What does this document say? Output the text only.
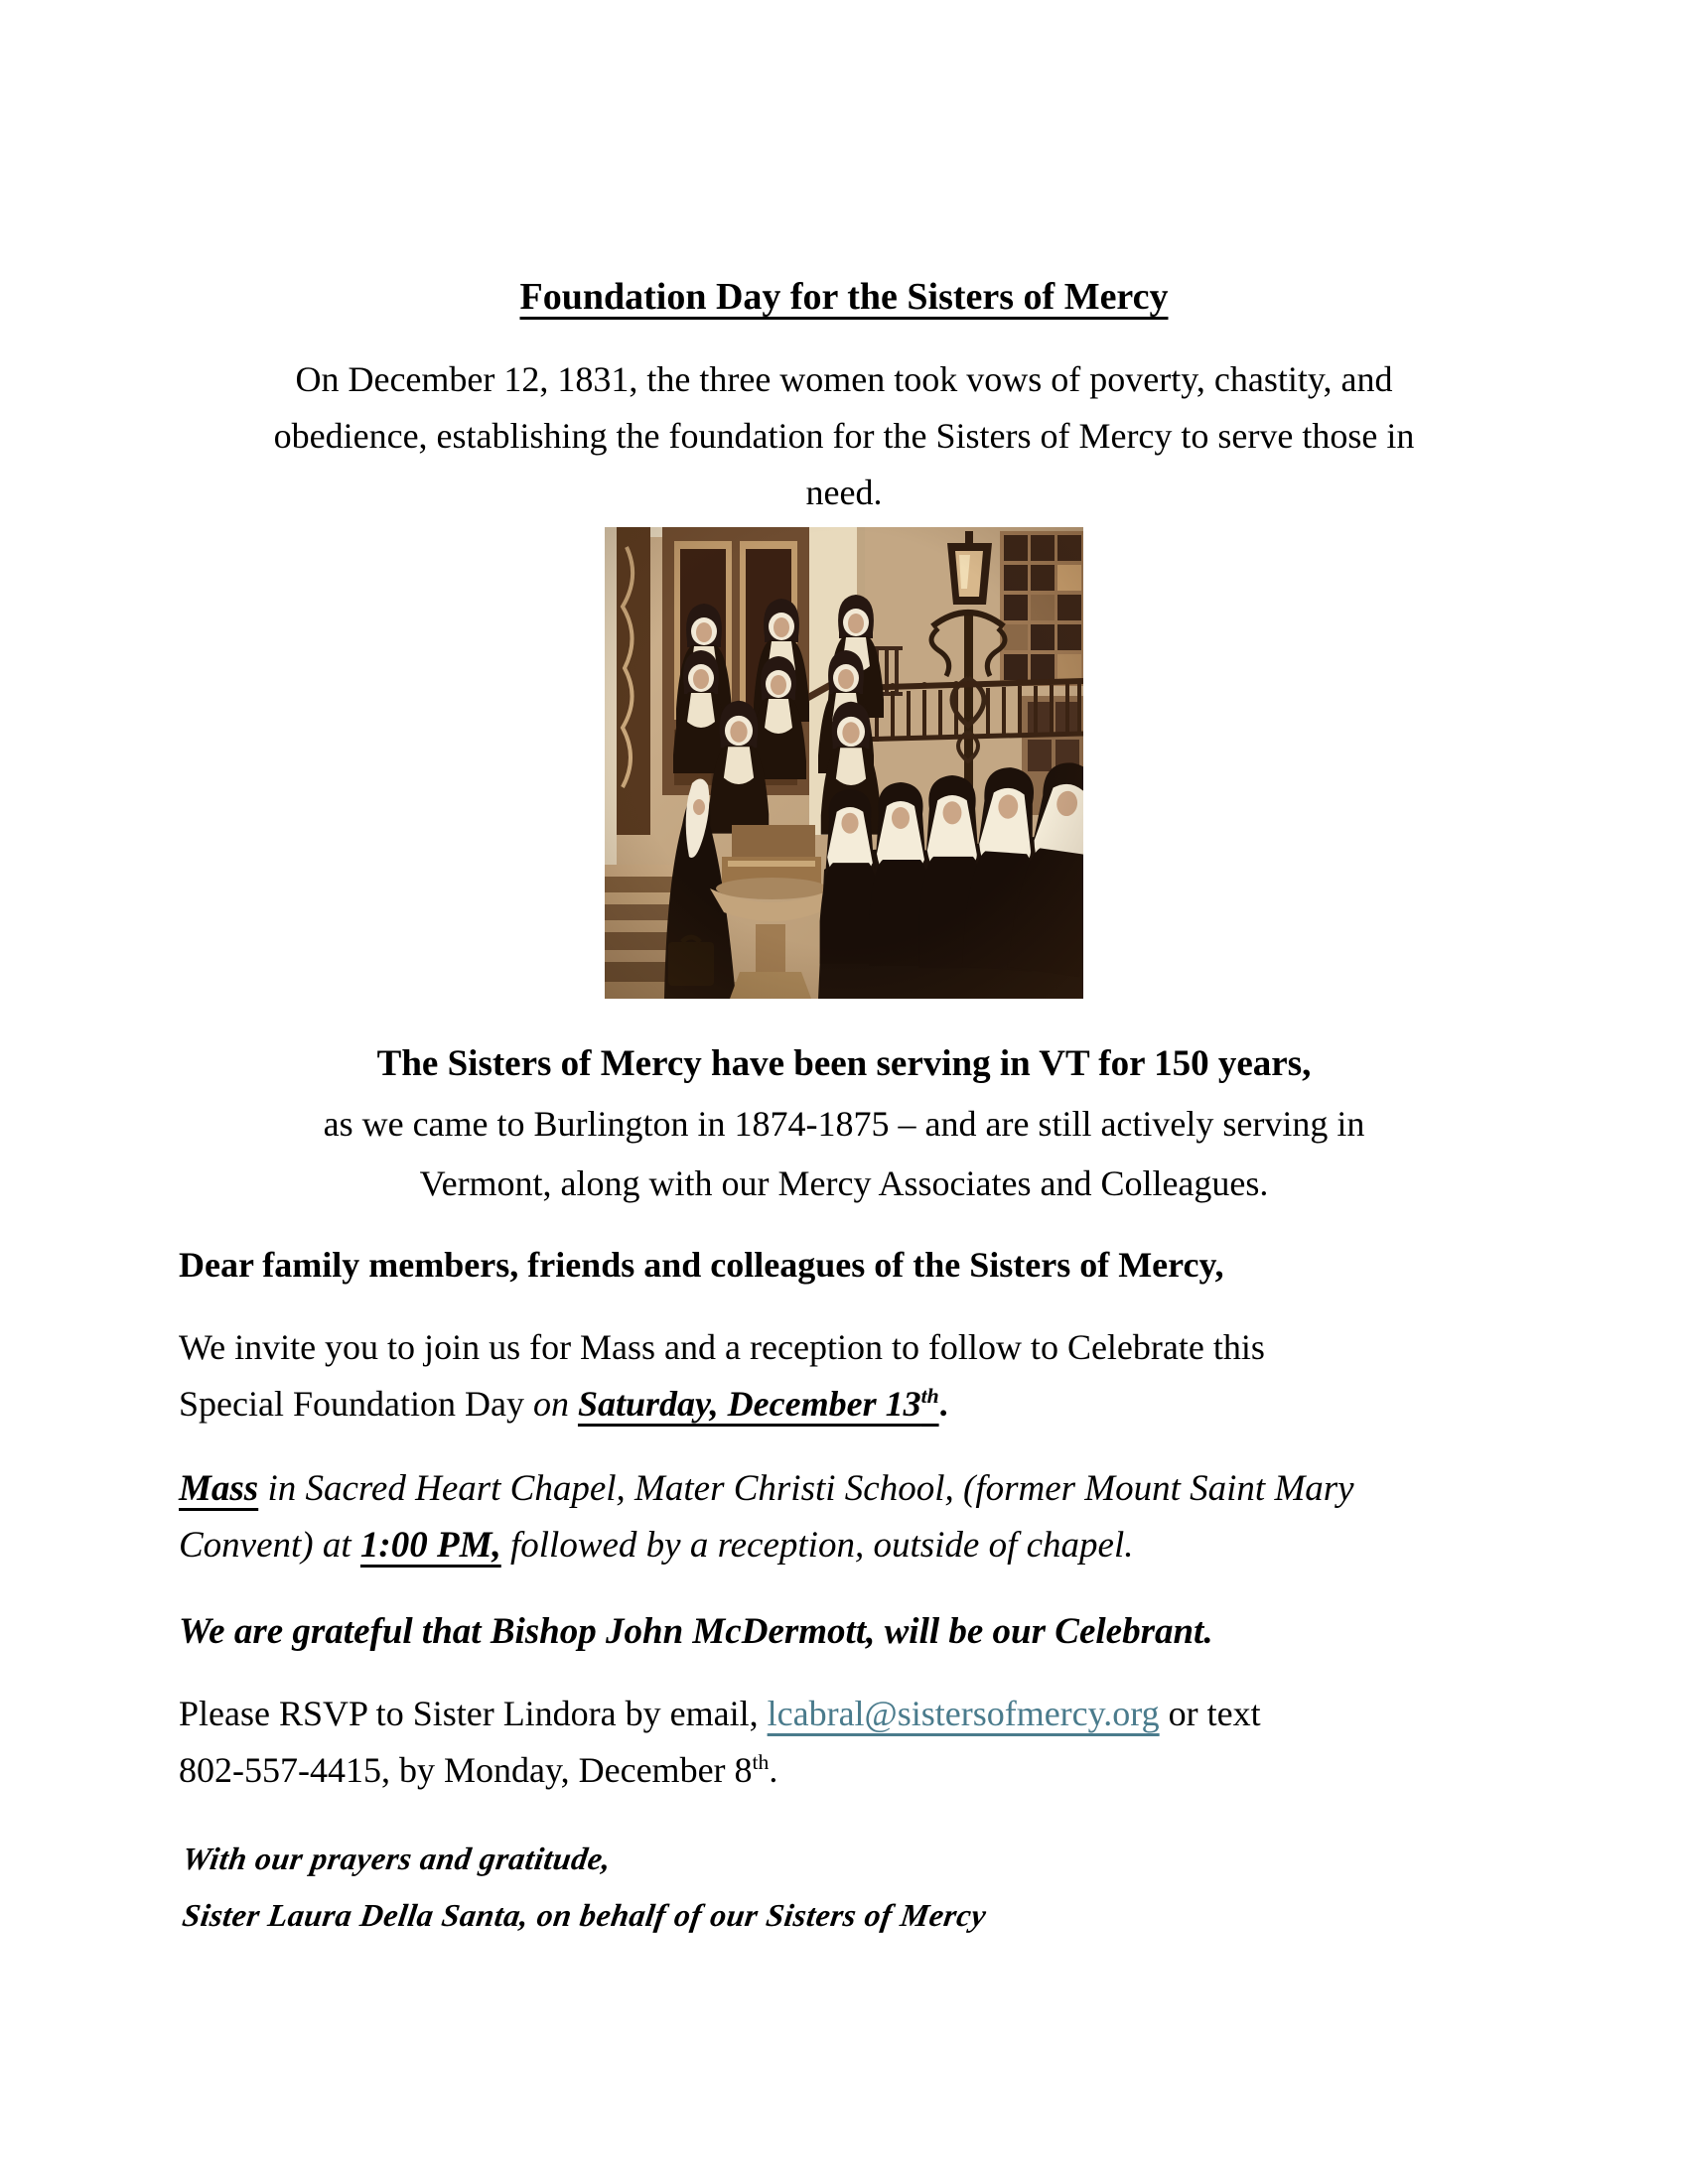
Foundation Day for the Sisters of Mercy
On December 12, 1831, the three women took vows of poverty, chastity, and
obedience, establishing the foundation for the Sisters of Mercy to serve those in
need.
The Sisters of Mercy have been serving in VT for 150 years,
as we came to Burlington in 1874-1875 – and are still actively serving in
Vermont, along with our Mercy Associates and Colleagues.
Dear family members, friends and colleagues of the Sisters of Mercy,
We invite you to join us for Mass and a reception to follow to Celebrate this
Special Foundation Day on Saturday, December 13th.
Mass in Sacred Heart Chapel, Mater Christi School, (former Mount Saint Mary
Convent) at 1:00 PM, followed by a reception, outside of chapel.
We are grateful that Bishop John McDermott, will be our Celebrant.
Please RSVP to Sister Lindora by email, lcabral@sistersofmercy.org or text
802-557-4415, by Monday, December 8th.
With our prayers and gratitude,
Sister Laura Della Santa, on behalf of our Sisters of Mercy
